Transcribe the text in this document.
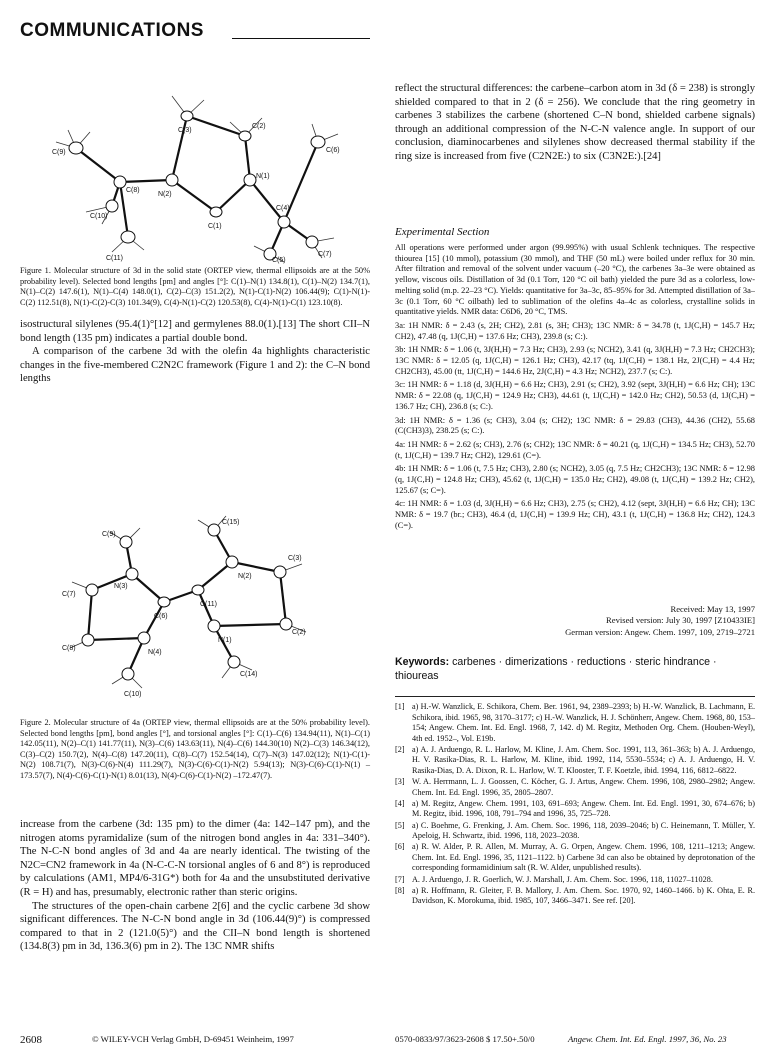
COMMUNICATIONS
C(3)
C(2)
C(9)
N(2)
N(1)
C(6)
C(8)
C(4)
C(10)
C(1)
C(7)
C(11)	C(5)
Figure 1. Molecular structure of 3d in the solid state (ORTEP view, thermal ellipsoids are at the 50% probability level). Selected bond lengths [pm] and angles [°]: C(1)–N(1) 134.8(1), C(1)–N(2) 134.7(1), N(1)–C(2) 147.6(1), N(1)–C(4) 148.0(1), C(2)–C(3) 151.2(2), N(1)-C(1)-N(2) 106.44(9); C(1)-N(1)-C(2) 112.51(8), N(1)-C(2)-C(3) 101.34(9), C(4)-N(1)-C(2) 120.53(8), C(4)-N(1)-C(1) 123.10(8).

isostructural silylenes (95.4(1)°[12] and germylenes 88.0(1).[13] The short CII–N bond length (135 pm) indicates a partial double bond.

A comparison of the carbene 3d with the olefin 4a highlights characteristic changes in the five-membered C2N2C framework (Figure 1 and 2): the C–N bond lengths

C(9)
C(15)
N(3)
C(3)
C(7)
N(2)
C(11)
C(6)
C(2)
C(8)
N(4)
N(1)
C(14)
C(10)
Figure 2. Molecular structure of 4a (ORTEP view, thermal ellipsoids are at the 50% probability level). Selected bond lengths [pm], bond angles [°], and torsional angles [°]: C(1)–C(6) 134.94(11), N(1)–C(1) 142.05(11), N(2)–C(1) 141.77(11), N(3)–C(6) 143.63(11), N(4)–C(6) 144.30(10) N(2)–C(3) 146.34(12), C(3)–C(2) 150.7(2), N(4)–C(8) 147.20(11), C(8)–C(7) 152.54(14), C(7)–N(3) 147.02(12); N(1)-C(1)-N(2) 108.71(7), N(3)-C(6)-N(4) 111.29(7), N(3)-C(6)-C(1)-N(2) 5.94(13); N(3)-C(6)-C(1)-N(1) –173.57(7), N(4)-C(6)-C(1)-N(1) 8.01(13), N(4)-C(6)-C(1)-N(2) –172.47(7).

increase from the carbene (3d: 135 pm) to the dimer (4a: 142–147 pm), and the nitrogen atoms pyramidalize (sum of the nitrogen bond angles in 4a: 331–340°). The N-C-N bond angles of 3d and 4a are nearly identical. The twisting of the N2C=CN2 framework in 4a (N-C-C-N torsional angles of 6 and 8°) is reproduced by calculations (AM1, MP4/6-31G*) both for 4a and the unsubstituted derivative (R = H) and has, presumably, electronic rather than steric origins.

The structures of the open-chain carbene 2[6] and the cyclic carbene 3d show significant differences. The N-C-N bond angle in 3d (106.44(9)°) is compressed compared to that in 2 (121.0(5)°) and the CII–N bond length is shortened (134.8(3) pm in 3d, 136.3(6) pm in 2). The 13C NMR shifts

reflect the structural differences: the carbene–carbon atom in 3d (δ = 238) is strongly shielded compared to that in 2 (δ = 256). We conclude that the ring geometry in carbenes 3 stabilizes the carbene (shortened C–N bond, shielded carbene signals) through an additional compression of the N-C-N valence angle. In support of our conclusion, diaminocarbenes and silylenes show decreased thermal stability if the ring size is increased from five (C2N2E:) to six (C3N2E:).[24]

Experimental Section

All operations were performed under argon (99.995%) with usual Schlenk techniques. The respective thiourea [15] (10 mmol), potassium (30 mmol), and THF (50 mL) were boiled under reflux for 30 min. After filtration and removal of the solvent under vacuum (–20 °C), the carbenes 3a–3e were obtained as yellow, viscous oils. Distillation of 3d (0.1 Torr, 120 °C oil bath) yielded the pure 3d as a colorless, low-melting solid (m.p. 22–23 °C). Yields: quantitative for 3a–3c, 85–95% for 3d. Attempted distillation of 3a–3c (0.1 Torr, 60 °C oilbath) led to sublimation of the olefins 4a–4c as colorless, crystalline solids in quantitative yields. NMR data: C6D6, 20 °C, TMS.

3a: 1H NMR: δ = 2.43 (s, 2H; CH2), 2.81 (s, 3H; CH3); 13C NMR: δ = 34.78 (t, 1J(C,H) = 145.7 Hz; CH2), 47.48 (q, 1J(C,H) = 137.6 Hz; CH3), 239.8 (s; C:).

3b: 1H NMR: δ = 1.06 (t, 3J(H,H) = 7.3 Hz; CH3), 2.93 (s; NCH2), 3.41 (q, 3J(H,H) = 7.3 Hz; CH2CH3); 13C NMR: δ = 12.05 (q, 1J(C,H) = 126.1 Hz; CH3), 42.17 (tq, 1J(C,H) = 138.1 Hz, 2J(C,H) = 4.4 Hz; CH2CH3), 45.00 (tt, 1J(C,H) = 144.6 Hz, 2J(C,H) = 4.3 Hz; NCH2), 237.7 (s; C:).

3c: 1H NMR: δ = 1.18 (d, 3J(H,H) = 6.6 Hz; CH3), 2.91 (s; CH2), 3.92 (sept, 3J(H,H) = 6.6 Hz; CH); 13C NMR: δ = 22.08 (q, 1J(C,H) = 124.9 Hz; CH3), 44.61 (t, 1J(C,H) = 142.0 Hz; CH2), 50.53 (d, 1J(C,H) = 136.7 Hz; CH), 236.8 (s; C:).

3d: 1H NMR: δ = 1.36 (s; CH3), 3.04 (s; CH2); 13C NMR: δ = 29.83 (CH3), 44.36 (CH2), 55.68 (C(CH3)3), 238.25 (s; C:).

4a: 1H NMR: δ = 2.62 (s; CH3), 2.76 (s; CH2); 13C NMR: δ = 40.21 (q, 1J(C,H) = 134.5 Hz; CH3), 52.70 (t, 1J(C,H) = 139.7 Hz; CH2), 129.61 (C=).

4b: 1H NMR: δ = 1.06 (t, 7.5 Hz; CH3), 2.80 (s; NCH2), 3.05 (q, 7.5 Hz; CH2CH3); 13C NMR: δ = 12.98 (q, 1J(C,H) = 124.8 Hz; CH3), 45.62 (t, 1J(C,H) = 135.0 Hz; CH2), 49.08 (t, 1J(C,H) = 139.2 Hz; CH2), 125.67 (s; C=).

4c: 1H NMR: δ = 1.03 (d, 3J(H,H) = 6.6 Hz; CH3), 2.75 (s; CH2), 4.12 (sept, 3J(H,H) = 6.6 Hz; CH); 13C NMR: δ = 19.7 (br.; CH3), 46.4 (d, 1J(C,H) = 139.9 Hz; CH), 43.1 (t, 1J(C,H) = 136.8 Hz; CH2), 124.3 (C=).

Received: May 13, 1997
Revised version: July 30, 1997 [Z10433IE]
German version: Angew. Chem. 1997, 109, 2719–2721
Keywords: carbenes · dimerizations · reductions · steric hindrance · thioureas
[1] a) H.-W. Wanzlick, E. Schikora, Chem. Ber. 1961, 94, 2389–2393; b) H.-W. Wanzlick, B. Lachmann, E. Schikora, ibid. 1965, 98, 3170–3177; c) H.-W. Wanzlick, H. J. Schönherr, Angew. Chem. 1968, 80, 153–154; Angew. Chem. Int. Ed. Engl. 1968, 7, 142. d) M. Regitz, Methoden Org. Chem. (Houben-Weyl), 4th ed. 1952–, Vol. E19b.
[2] a) A. J. Arduengo, R. L. Harlow, M. Kline, J. Am. Chem. Soc. 1991, 113, 361–363; b) A. J. Arduengo, H. V. Rasika-Dias, R. L. Harlow, M. Kline, ibid. 1992, 114, 5530–5534; c) A. J. Arduengo, H. V. Rasika-Dias, D. A. Dixon, R. L. Harlow, W. T. Klooster, T. F. Koetzle, ibid. 1994, 116, 6812–6822.
[3] W. A. Herrmann, L. J. Goossen, C. Köcher, G. J. Artus, Angew. Chem. 1996, 108, 2980–2982; Angew. Chem. Int. Ed. Engl. 1996, 35, 2805–2807.
[4] a) M. Regitz, Angew. Chem. 1991, 103, 691–693; Angew. Chem. Int. Ed. Engl. 1991, 30, 674–676; b) M. Regitz, ibid. 1996, 108, 791–794 and 1996, 35, 725–728.
[5] a) C. Boehme, G. Frenking, J. Am. Chem. Soc. 1996, 118, 2039–2046; b) C. Heinemann, T. Müller, Y. Apeloig, H. Schwartz, ibid. 1996, 118, 2023–2038.
[6] a) R. W. Alder, P. R. Allen, M. Murray, A. G. Orpen, Angew. Chem. 1996, 108, 1211–1213; Angew. Chem. Int. Ed. Engl. 1996, 35, 1121–1122. b) Carbene 3d can also be obtained by deprotonation of the corresponding formamidinium salt (R. W. Alder, unpublished results).
[7] A. J. Arduengo, J. R. Goerlich, W. J. Marshall, J. Am. Chem. Soc. 1996, 118, 11027–11028.
[8] a) R. Hoffmann, R. Gleiter, F. B. Mallory, J. Am. Chem. Soc. 1970, 92, 1460–1466. b) K. Ohta, E. R. Davidson, K. Morokuma, ibid. 1985, 107, 3466–3471. See ref. [20].
2608	© WILEY-VCH Verlag GmbH, D-69451 Weinheim, 1997	0570-0833/97/3623-2608 $ 17.50+.50/0	Angew. Chem. Int. Ed. Engl. 1997, 36, No. 23
